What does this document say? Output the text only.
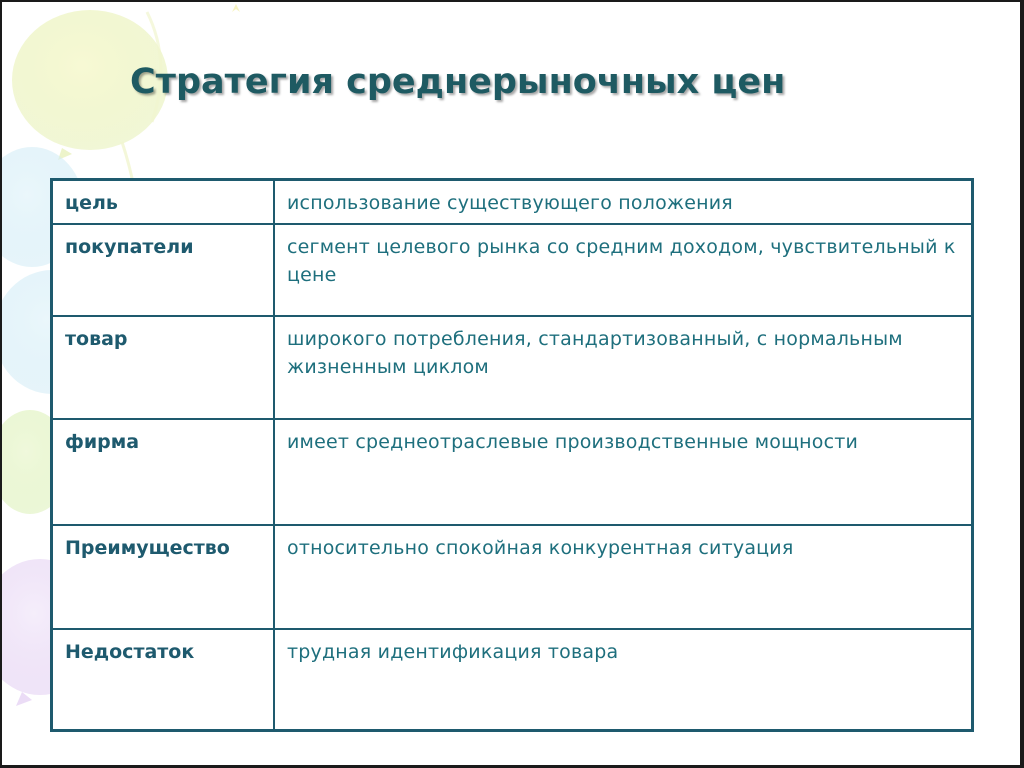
Стратегия среднерыночных цен
цель	использование существующего положения
покупатели	сегмент целевого рынка со средним доходом, чувствительный к цене
товар	широкого потребления, стандартизованный, с нормальным жизненным циклом
фирма	имеет среднеотраслевые производственные мощности
Преимущество	относительно спокойная конкурентная ситуация
Недостаток	трудная идентификация товара
